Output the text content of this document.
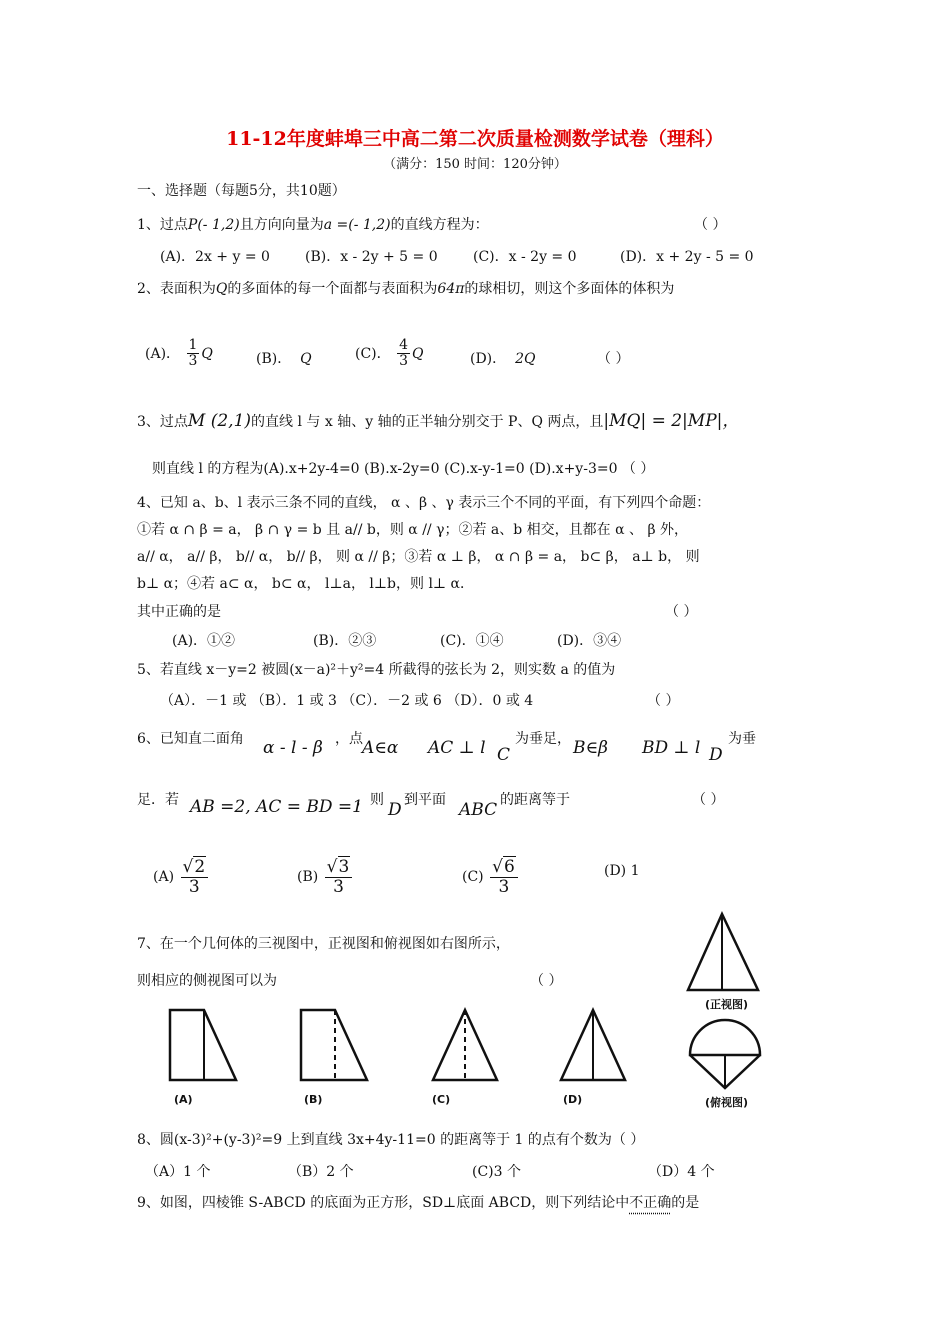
11-12年度蚌埠三中高二第二次质量检测数学试卷（理科）
（满分：150 时间：120分钟）
一、选择题（每题5分，共10题）
1、过点P(- 1,2)且方向向量为a =(- 1,2)的直线方程为：	（ ）
(A)．2x + y = 0	(B)．x - 2y + 5 = 0	(C)．x - 2y = 0	(D)．x + 2y - 5 = 0
2、表面积为Q的多面体的每一个面都与表面积为64π的球相切，则这个多面体的体积为
(A)． $\frac{1}{3}$ Q	(B)． Q	(C)． $\frac{4}{3}$ Q	(D)． 2Q	（ ）
3、过点M (2,1)的直线 l 与 x 轴、y 轴的正半轴分别交于 P、Q 两点，且|MQ| = 2|MP|，
则直线 l 的方程为(A).x+2y-4=0 (B).x-2y=0 (C).x-y-1=0 (D).x+y-3=0 （ ）
4、已知 a、b、l 表示三条不同的直线， α 、β 、γ 表示三个不同的平面，有下列四个命题：
①若 α ∩ β = a， β ∩ γ = b 且 a// b，则 α // γ；②若 a、b 相交，且都在 α 、 β 外，
a// α， a// β， b// α， b// β， 则 α // β；③若 α ⊥ β， α ∩ β = a， b⊂ β， a⊥ b， 则
b⊥ α；④若 a⊂ α， b⊂ α， l⊥a， l⊥b，则 l⊥ α．
其中正确的是	（ ）
(A)．①②	(B)．②③	(C)．①④	(D)．③④
5、若直线 x－y=2 被圆(x－a)²＋y²=4 所截得的弦长为 2，则实数 a 的值为
（A）．－1 或 （B）．1 或 3 （C）．－2 或 6 （D）．0 或 4	（ ）
6、已知直二面角 α - l - β ，点 A∈α AC ⊥ l C
为垂足， B∈β BD ⊥ l D
为垂
足．若 AB =2, AC = BD =1
，则 D 到平面 ABC 的距离等于	（ ）
$(A) \frac{√2}{3}$	$(B) \frac{√3}{3}$	$(C) \frac{√6}{3}$	(D) 1
7、在一个几何体的三视图中，正视图和俯视图如右图所示，
则相应的侧视图可以为	（ ）
(正视图)
(俯视图)
(A)	(B)	(C)	(D)
8、圆(x-3)²+(y-3)²=9 上到直线 3x+4y-11=0 的距离等于 1 的点有个数为（ ）
（A）1 个	（B）2 个	(C)3 个	（D）4 个
9、如图，四棱锥 S-ABCD 的底面为正方形，SD⊥底面 ABCD，则下列结论中不正确的是
